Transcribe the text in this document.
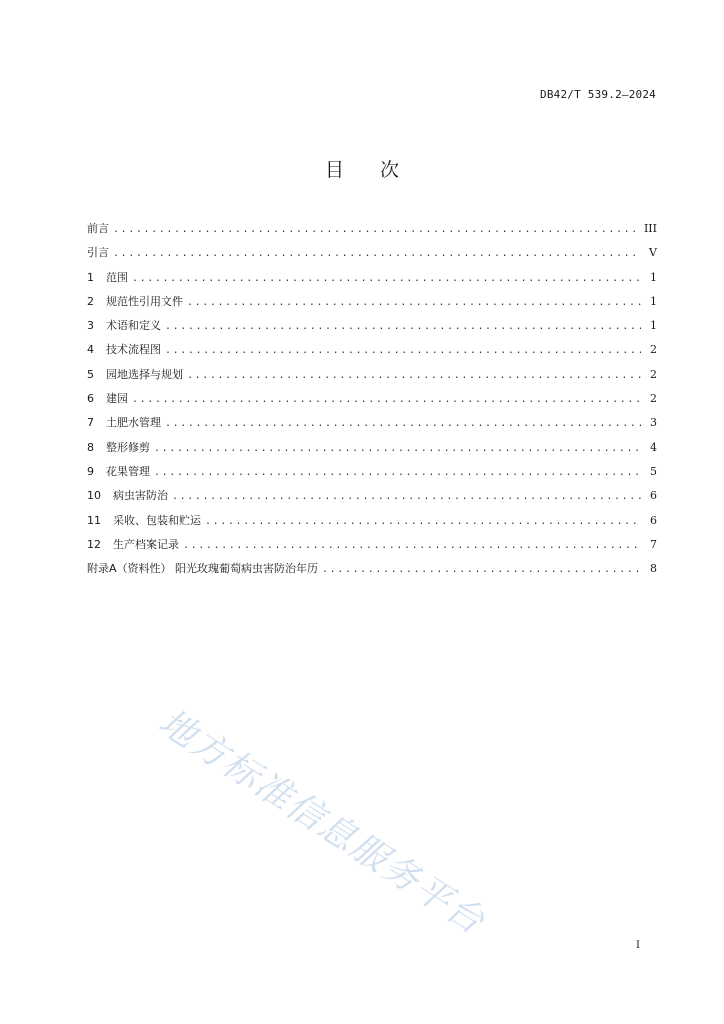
DB42/T 539.2—2024
目 次
前言 .....	III
引言 .....	V
1	范围 .....	1
2	规范性引用文件 .....	1
3	术语和定义 .....	1
4	技术流程图 .....	2
5	园地选择与规划 .....	2
6	建园 .....	2
7	土肥水管理 .....	3
8	整形修剪 .....	4
9	花果管理 .....	5
10	病虫害防治 .....	6
11	采收、包装和贮运 .....	6
12	生产档案记录 .....	7
附录A（资料性） 阳光玫瑰葡萄病虫害防治年历 .....	8
地方标准信息服务平台
I
